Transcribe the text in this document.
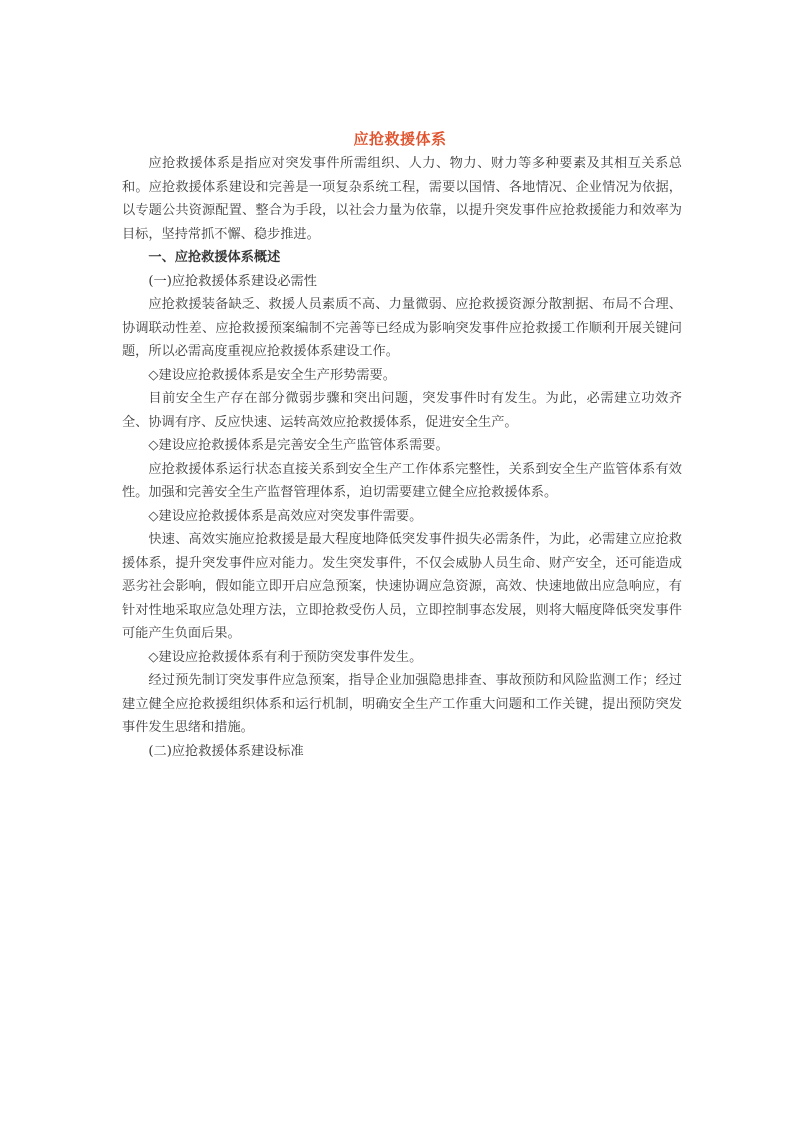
应抢救援体系

应抢救援体系是指应对突发事件所需组织、人力、物力、财力等多种要素及其相互关系总和。应抢救援体系建设和完善是一项复杂系统工程，需要以国情、各地情况、企业情况为依据，以专题公共资源配置、整合为手段，以社会力量为依靠，以提升突发事件应抢救援能力和效率为目标，坚持常抓不懈、稳步推进。

一、应抢救援体系概述

(一)应抢救援体系建设必需性

应抢救援装备缺乏、救援人员素质不高、力量微弱、应抢救援资源分散割据、布局不合理、协调联动性差、应抢救援预案编制不完善等已经成为影响突发事件应抢救援工作顺利开展关键问题，所以必需高度重视应抢救援体系建设工作。

◇建设应抢救援体系是安全生产形势需要。

目前安全生产存在部分微弱步骤和突出问题，突发事件时有发生。为此，必需建立功效齐全、协调有序、反应快速、运转高效应抢救援体系，促进安全生产。

◇建设应抢救援体系是完善安全生产监管体系需要。

应抢救援体系运行状态直接关系到安全生产工作体系完整性，关系到安全生产监管体系有效性。加强和完善安全生产监督管理体系，迫切需要建立健全应抢救援体系。

◇建设应抢救援体系是高效应对突发事件需要。

快速、高效实施应抢救援是最大程度地降低突发事件损失必需条件，为此，必需建立应抢救援体系，提升突发事件应对能力。发生突发事件，不仅会威胁人员生命、财产安全，还可能造成恶劣社会影响，假如能立即开启应急预案，快速协调应急资源，高效、快速地做出应急响应，有针对性地采取应急处理方法，立即抢救受伤人员，立即控制事态发展，则将大幅度降低突发事件可能产生负面后果。

◇建设应抢救援体系有利于预防突发事件发生。

经过预先制订突发事件应急预案，指导企业加强隐患排查、事故预防和风险监测工作；经过建立健全应抢救援组织体系和运行机制，明确安全生产工作重大问题和工作关键，提出预防突发事件发生思绪和措施。

(二)应抢救援体系建设标准
